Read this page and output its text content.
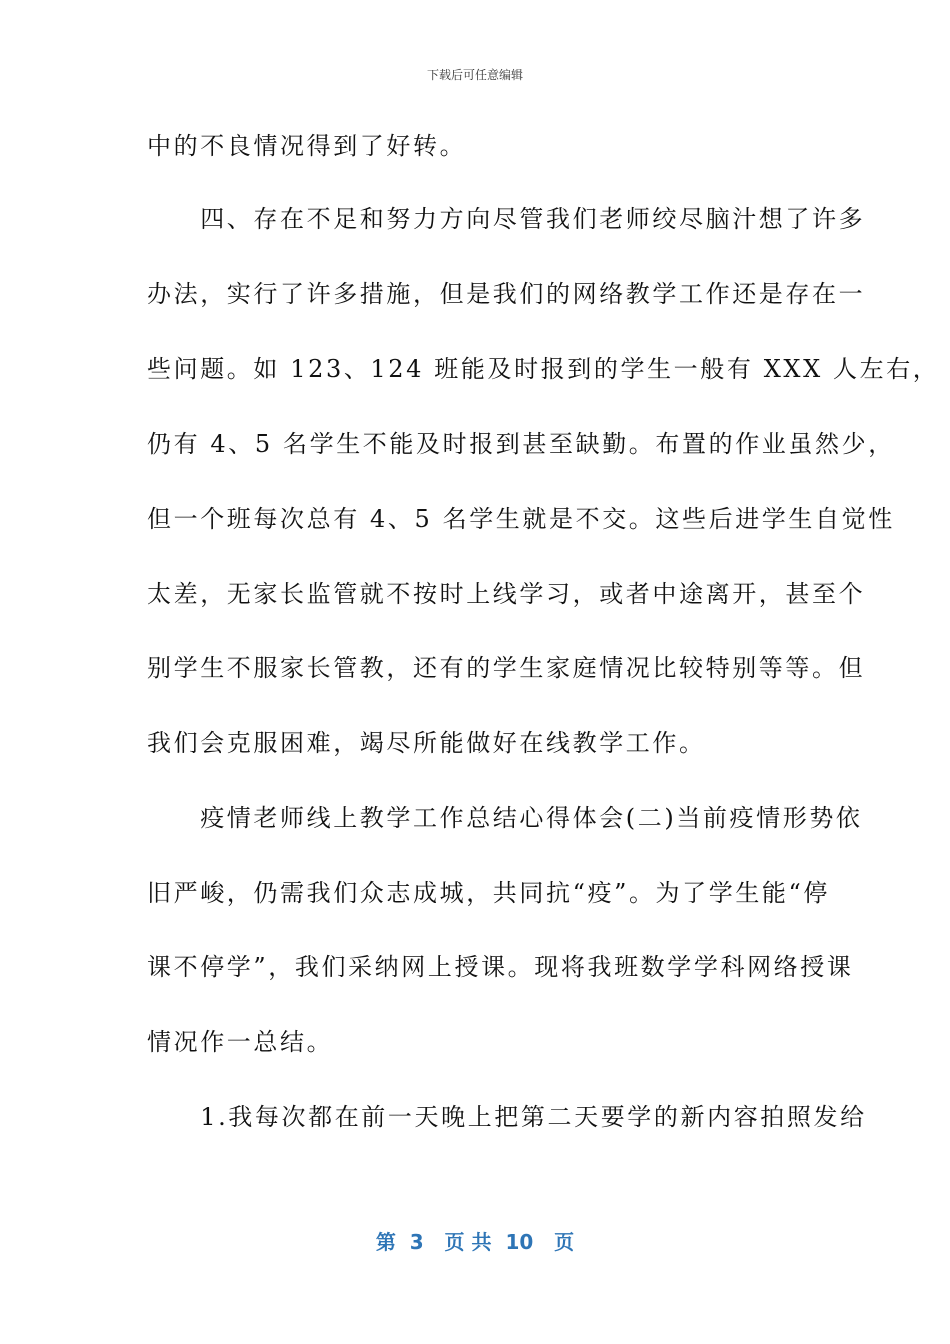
下载后可任意编辑
中的不良情况得到了好转。
　　四、存在不足和努力方向尽管我们老师绞尽脑汁想了许多
办法，实行了许多措施，但是我们的网络教学工作还是存在一
些问题。如 123、124 班能及时报到的学生一般有 XXX 人左右，
仍有 4、5 名学生不能及时报到甚至缺勤。布置的作业虽然少，
但一个班每次总有 4、5 名学生就是不交。这些后进学生自觉性
太差，无家长监管就不按时上线学习，或者中途离开，甚至个
别学生不服家长管教，还有的学生家庭情况比较特别等等。但
我们会克服困难，竭尽所能做好在线教学工作。
　　疫情老师线上教学工作总结心得体会(二)当前疫情形势依
旧严峻，仍需我们众志成城，共同抗“疫”。为了学生能“停
课不停学”，我们采纳网上授课。现将我班数学学科网络授课
情况作一总结。
　　1.我每次都在前一天晚上把第二天要学的新内容拍照发给
第  3   页 共  10   页
